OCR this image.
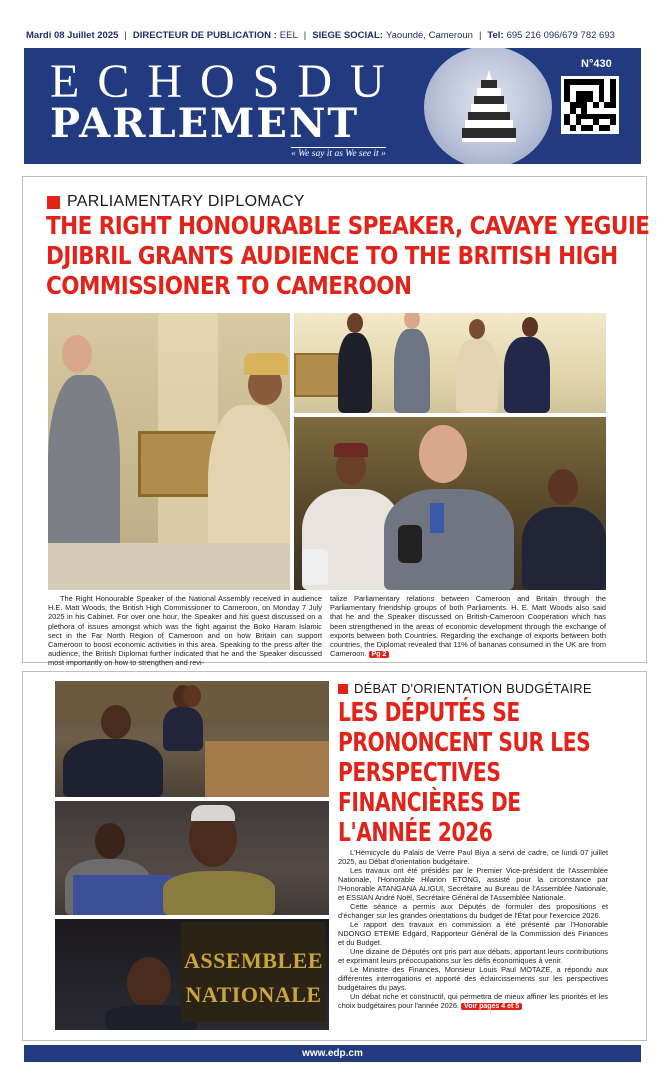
Mardi 08 Juillet 2025 | DIRECTEUR DE PUBLICATION : EEL | SIEGE SOCIAL: Yaoundé, Cameroun | Tel: 695 216 096/679 782 693
ECHOSDU
PARLEMENT
« We say it as We see it »
N°430
PARLIAMENTARY DIPLOMACY
THE RIGHT HONOURABLE SPEAKER, CAVAYE YEGUIE
DJIBRIL GRANTS AUDIENCE TO THE BRITISH HIGH
COMMISSIONER TO CAMEROON
The Right Honourable Speaker of the National Assembly received in audience H.E. Matt Woods, the British High Commissioner to Cameroon, on Monday 7 July 2025 in his Cabinet. For over one hour, the Speaker and his guest discussed on a plethora of issues amongst which was the fight against the Boko Haram Islamic sect in the Far North Region of Cameroon and on how Britain can support Cameroon to boost economic activities in this area. Speaking to the press after the audience, the British Diplomat further indicated that he and the Speaker discussed most importantly on how to strengthen and revi-
talize Parliamentary relations between Cameroon and Britain through the Parliamentary friendship groups of both Parliaments. H. E. Matt Woods also said that he and the Speaker discussed on British-Cameroon Cooperation which has been strengthened in the areas of economic development through the exchange of exports between both Countries. Regarding the exchange of exports between both countries, the Diplomat revealed that 11% of bananas consumed in the UK are from Cameroon. Pg 2
ASSEMBLEE
NATIONALE
DÉBAT D'ORIENTATION BUDGÉTAIRE
LES DÉPUTÉS SE
PRONONCENT SUR LES
PERSPECTIVES
FINANCIÈRES DE
L'ANNÉE 2026

L'Hémicycle du Palais de Verre Paul Biya a servi de cadre, ce lundi 07 juillet 2025, au Débat d'orientation budgétaire.

Les travaux ont été présidés par le Premier Vice-président de l'Assemblée Nationale, l'Honorable Hilarion ETONG, assisté pour la circonstance par l'Honorable ATANGANA ALIGUI, Secrétaire au Bureau de l'Assemblée Nationale, et ESSIAN André Noël, Secrétaire Général de l'Assemblée Nationale.

Cette séance a permis aux Députés de formuler des propositions et d'échanger sur les grandes orientations du budget de l'État pour l'exercice 2026.

Le rapport des travaux en commission a été présenté par l'Honorable NDONGO ETEME Edgard, Rapporteur Général de la Commission des Finances et du Budget.

Une dizaine de Députés ont pris part aux débats, apportant leurs contributions et exprimant leurs préoccupations sur les défis économiques à venir.

Le Ministre des Finances, Monsieur Louis Paul MOTAZE, a répondu aux différentes interrogations et apporté des éclaircissements sur les perspectives budgétaires du pays.

Un débat riche et constructif, qui permettra de mieux affiner les priorités et les choix budgétaires pour l'année 2026. Voir pages 4 et 5

www.edp.cm
